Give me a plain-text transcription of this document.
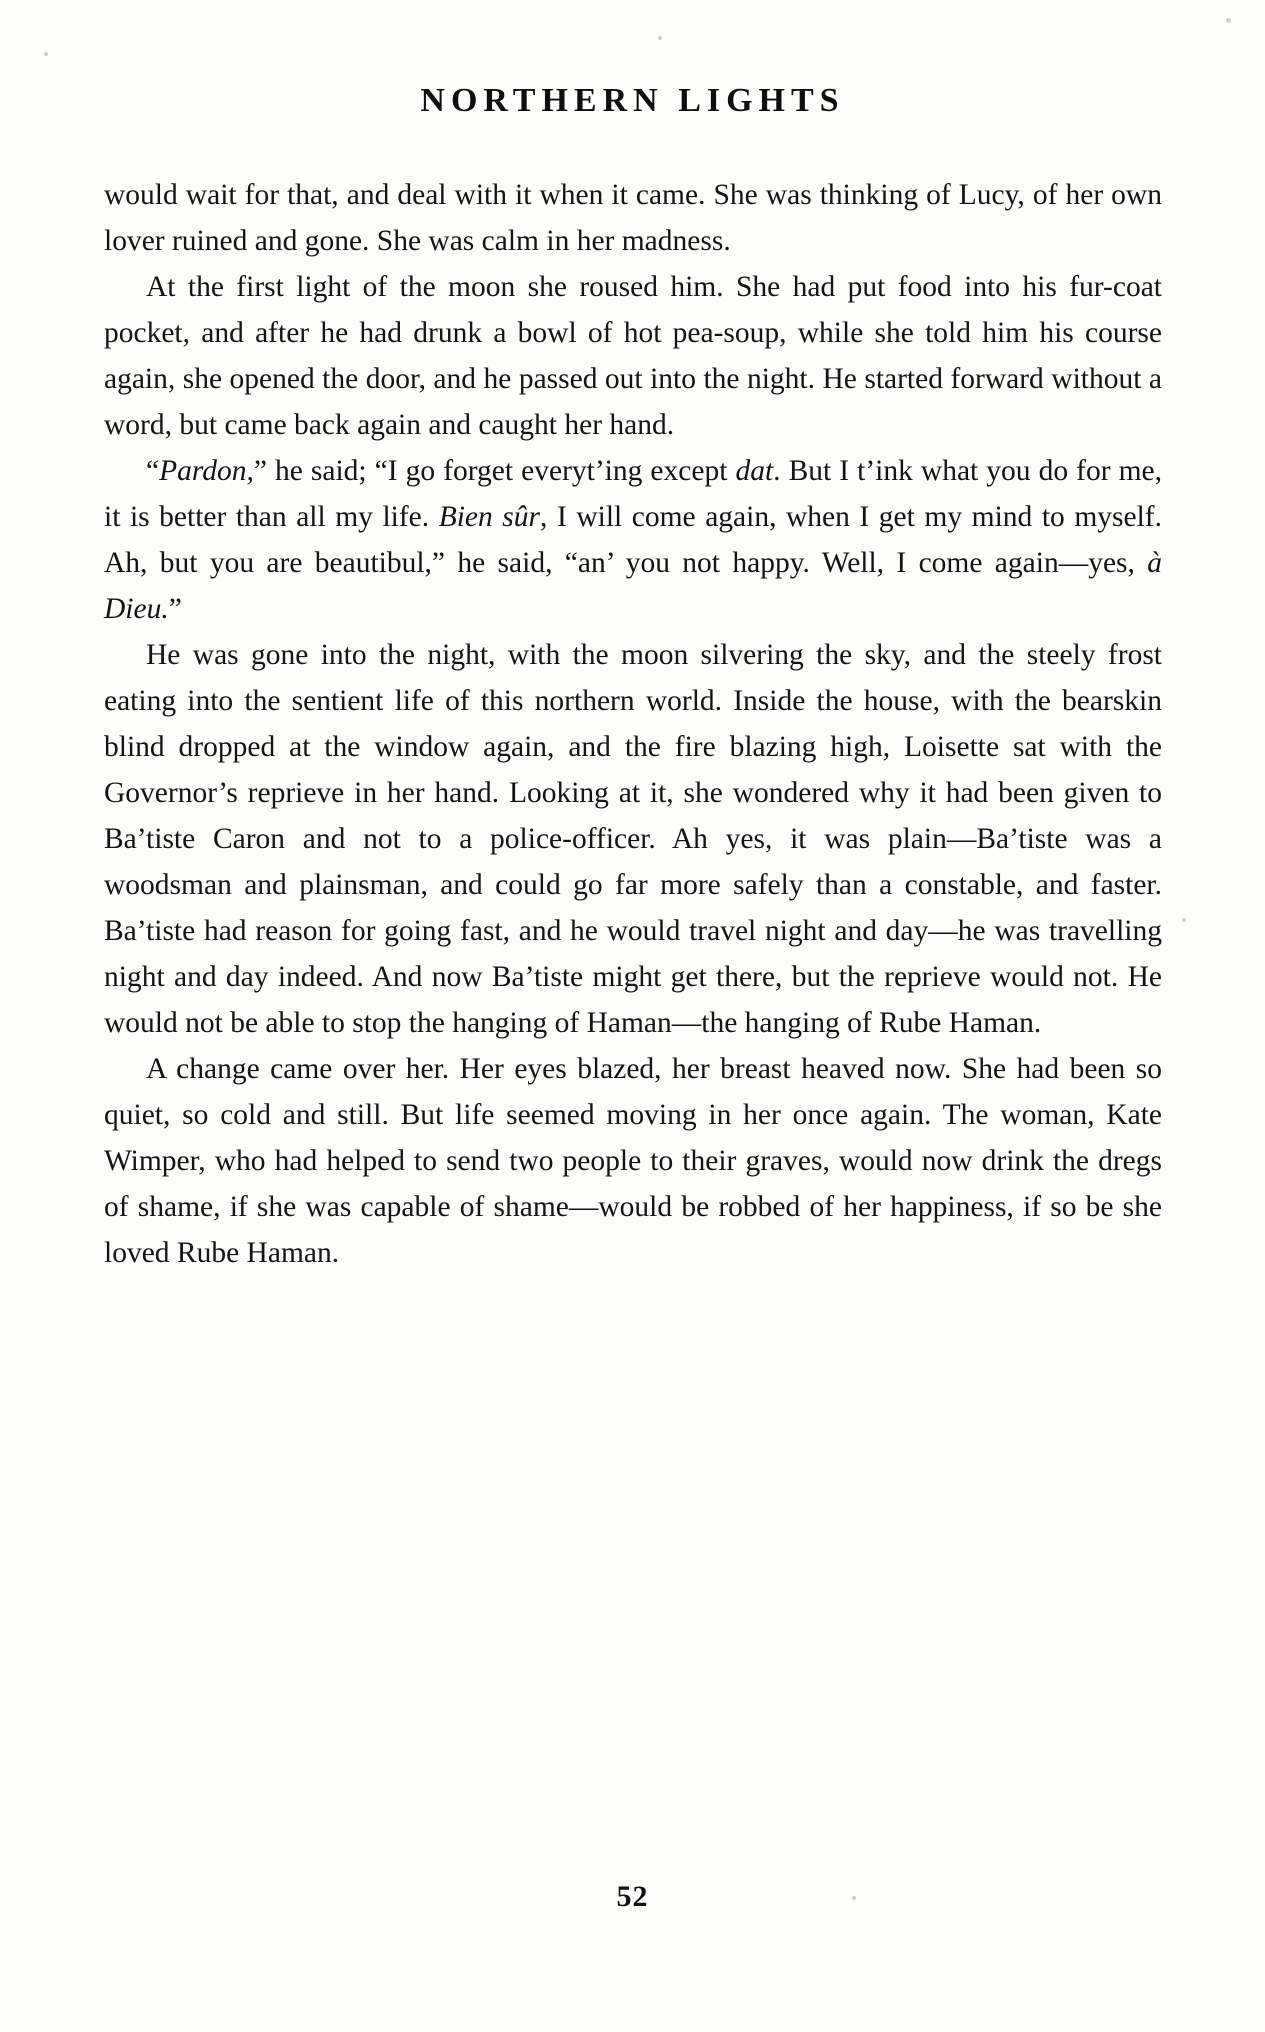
NORTHERN LIGHTS

would wait for that, and deal with it when it came. She was thinking of Lucy, of her own lover ruined and gone. She was calm in her madness.

At the first light of the moon she roused him. She had put food into his fur-coat pocket, and after he had drunk a bowl of hot pea-soup, while she told him his course again, she opened the door, and he passed out into the night. He started forward without a word, but came back again and caught her hand.

“Pardon,” he said; “I go forget everyt’ing except dat. But I t’ink what you do for me, it is better than all my life. Bien sûr, I will come again, when I get my mind to myself. Ah, but you are beautibul,” he said, “an’ you not happy. Well, I come again—yes, à Dieu.”

He was gone into the night, with the moon silvering the sky, and the steely frost eating into the sentient life of this northern world. Inside the house, with the bearskin blind dropped at the window again, and the fire blazing high, Loisette sat with the Governor’s reprieve in her hand. Looking at it, she wondered why it had been given to Ba’tiste Caron and not to a police-officer. Ah yes, it was plain—Ba’tiste was a woodsman and plainsman, and could go far more safely than a constable, and faster. Ba’tiste had reason for going fast, and he would travel night and day—he was travelling night and day indeed. And now Ba’tiste might get there, but the reprieve would not. He would not be able to stop the hanging of Haman—the hanging of Rube Haman.

A change came over her. Her eyes blazed, her breast heaved now. She had been so quiet, so cold and still. But life seemed moving in her once again. The woman, Kate Wimper, who had helped to send two people to their graves, would now drink the dregs of shame, if she was capable of shame—would be robbed of her happiness, if so be she loved Rube Haman.

52
